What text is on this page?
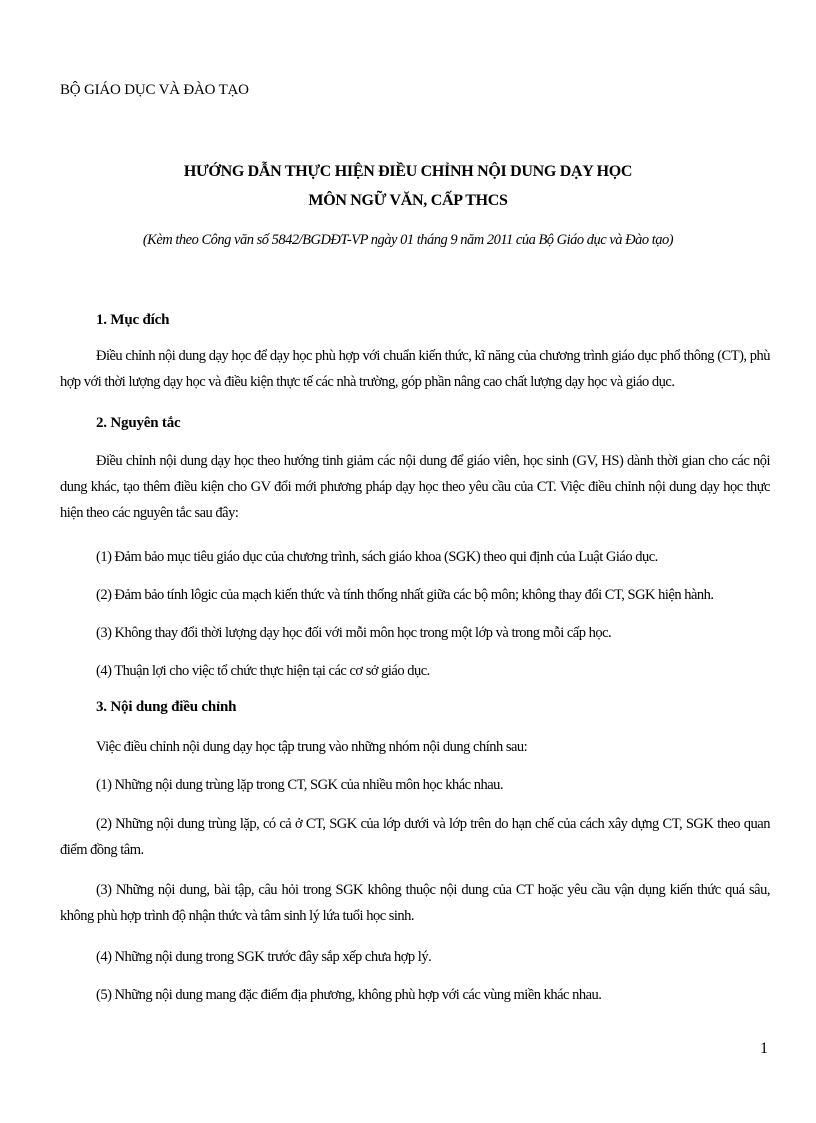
BỘ GIÁO DỤC VÀ ĐÀO TẠO
HƯỚNG DẪN THỰC HIỆN ĐIỀU CHỈNH NỘI DUNG DẠY HỌC
MÔN NGỮ VĂN, CẤP THCS
(Kèm theo Công văn số 5842/BGDĐT-VP ngày 01 tháng 9 năm 2011 của Bộ Giáo dục và Đào tạo)
1. Mục đích

Điều chỉnh nội dung dạy học để dạy học phù hợp với chuẩn kiến thức, kĩ năng của chương trình giáo dục phổ thông (CT), phù hợp với thời lượng dạy học và điều kiện thực tế các nhà trường, góp phần nâng cao chất lượng dạy học và giáo dục.

2. Nguyên tắc

Điều chỉnh nội dung dạy học theo hướng tinh giảm các nội dung để giáo viên, học sinh (GV, HS) dành thời gian cho các nội dung khác, tạo thêm điều kiện cho GV đổi mới phương pháp dạy học theo yêu cầu của CT. Việc điều chỉnh nội dung dạy học thực hiện theo các nguyên tắc sau đây:

(1) Đảm bảo mục tiêu giáo dục của chương trình, sách giáo khoa (SGK) theo qui định của Luật Giáo dục.
(2) Đảm bảo tính lôgic của mạch kiến thức và tính thống nhất giữa các bộ môn; không thay đổi CT, SGK hiện hành.
(3) Không thay đổi thời lượng dạy học đối với mỗi môn học trong một lớp và trong mỗi cấp học.
(4) Thuận lợi cho việc tổ chức thực hiện tại các cơ sở giáo dục.
3. Nội dung điều chỉnh
Việc điều chỉnh nội dung dạy học tập trung vào những nhóm nội dung chính sau:
(1) Những nội dung trùng lặp trong CT, SGK của nhiều môn học khác nhau.

(2) Những nội dung trùng lặp, có cả ở CT, SGK của lớp dưới và lớp trên do hạn chế của cách xây dựng CT, SGK theo quan điểm đồng tâm.

(3) Những nội dung, bài tập, câu hỏi trong SGK không thuộc nội dung của CT hoặc yêu cầu vận dụng kiến thức quá sâu, không phù hợp trình độ nhận thức và tâm sinh lý lứa tuổi học sinh.

(4) Những nội dung trong SGK trước đây sắp xếp chưa hợp lý.
(5) Những nội dung mang đặc điểm địa phương, không phù hợp với các vùng miền khác nhau.
1
